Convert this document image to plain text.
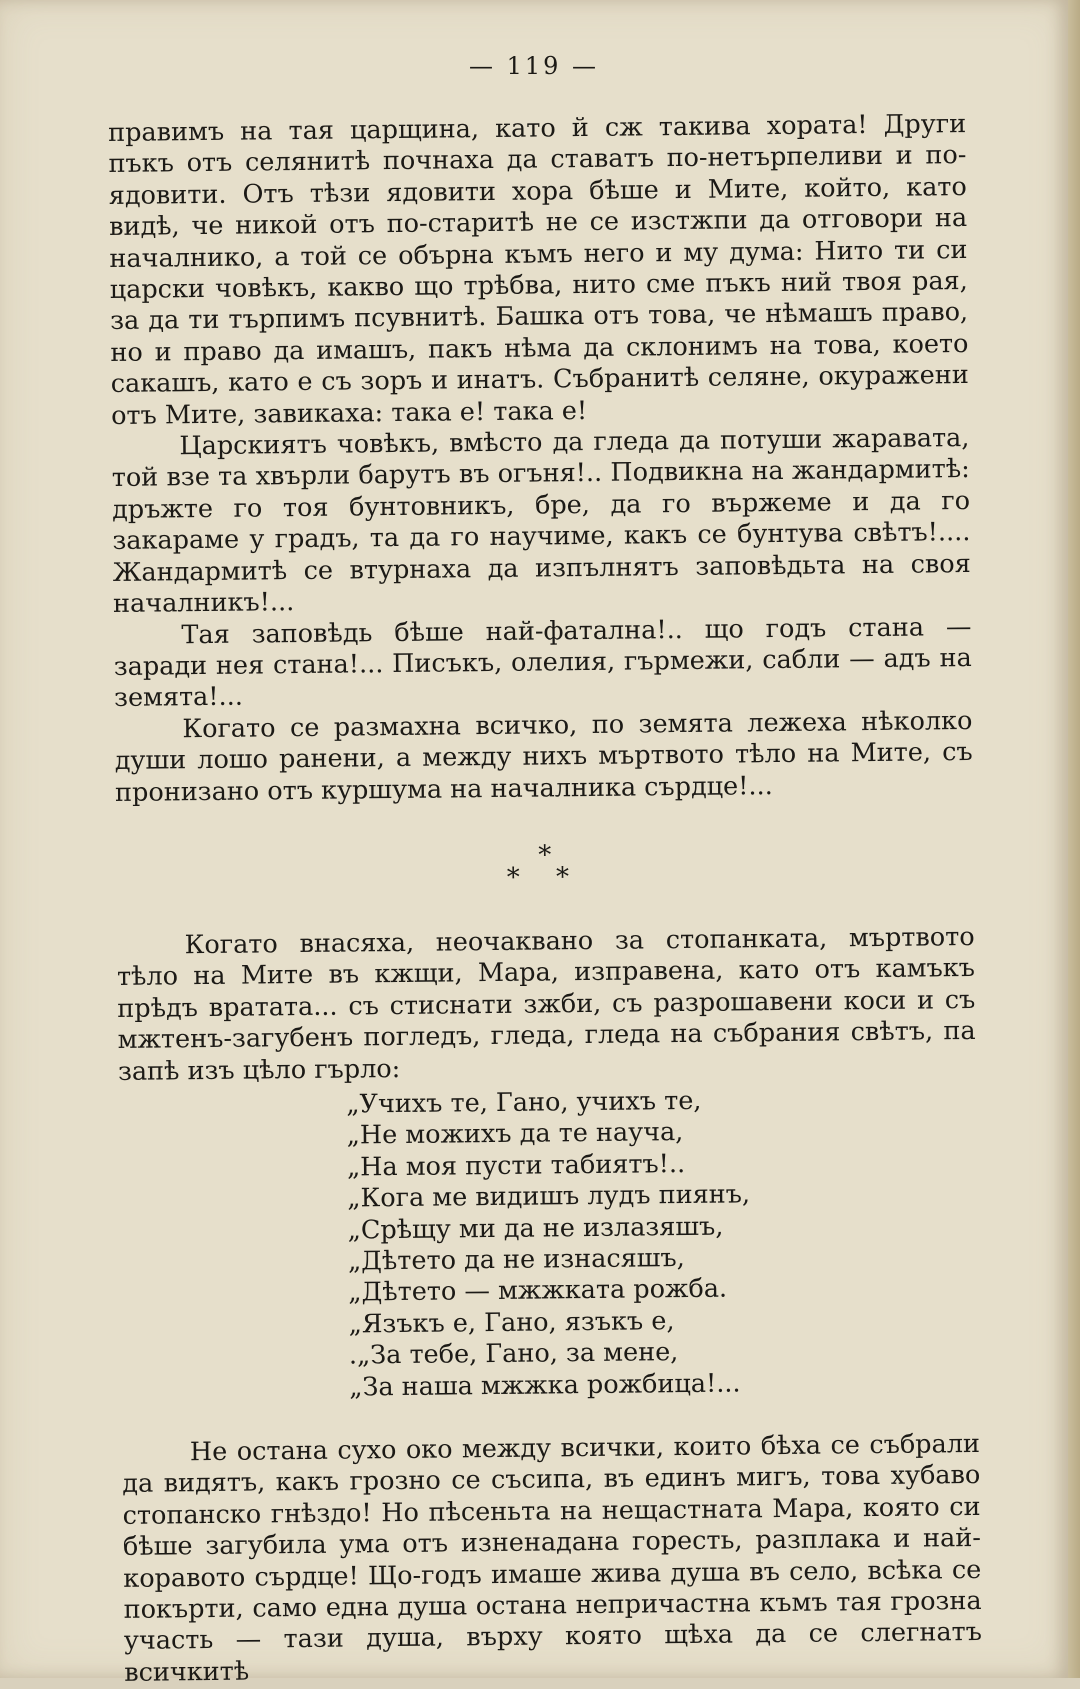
— 119 —

правимъ на тая царщина, като й сж такива хората! Други пъкъ отъ селянитѣ почнаха да ставатъ по-нетърпеливи и по-ядовити. Отъ тѣзи ядовити хора бѣше и Мите, който, като видѣ, че никой отъ по-старитѣ не се изстжпи да отговори на началнико, а той се обърна къмъ него и му дума: Нито ти си царски човѣкъ, какво що трѣбва, нито сме пъкъ ний твоя рая, за да ти търпимъ псувнитѣ. Башка отъ това, че нѣмашъ право, но и право да имашъ, пакъ нѣма да склонимъ на това, което сакашъ, като е съ зоръ и инатъ. Събранитѣ селяне, окуражени отъ Мите, завикаха: така е! така е!

Царскиятъ човѣкъ, вмѣсто да гледа да потуши жаравата, той взе та хвърли барутъ въ огъня!.. Подвикна на жандармитѣ: дръжте го тоя бунтовникъ, бре, да го вържеме и да го закараме у градъ, та да го научиме, какъ се бунтува свѣтъ!.... Жандармитѣ се втурнаха да изпълнятъ заповѣдьта на своя началникъ!...

Тая заповѣдь бѣше най-фатална!.. що годъ стана — заради нея стана!... Писъкъ, олелия, гърмежи, сабли — адъ на земята!...

Когато се размахна всичко, по земята лежеха нѣколко души лошо ранени, а между нихъ мъртвото тѣло на Мите, съ пронизано отъ куршума на началника сърдце!...

*
* *

Когато внасяха, неочаквано за стопанката, мъртвото тѣло на Мите въ кжщи, Мара, изправена, като отъ камъкъ прѣдъ вратата... съ стиснати зжби, съ разрошавени коси и съ мжтенъ-загубенъ погледъ, гледа, гледа на събрания свѣтъ, па запѣ изъ цѣло гърло:

„Учихъ те, Гано, учихъ те,
„Не можихъ да те науча,
„На моя пусти табиятъ!..
„Кога ме видишъ лудъ пиянъ,
„Срѣщу ми да не излазяшъ,
„Дѣтето да не изнасяшъ,
„Дѣтето — мжжката рожба.
„Язъкъ е, Гано, язъкъ е,
.„За тебе, Гано, за мене,
„За наша мжжка рожбица!...

Не остана сухо око между всички, които бѣха се събрали да видятъ, какъ грозно се съсипа, въ единъ мигъ, това хубаво стопанско гнѣздо! Но пѣсеньта на нещастната Мара, която си бѣше загубила ума отъ изненадана горесть, разплака и най-коравото сърдце! Що-годъ имаше жива душа въ село, всѣка се покърти, само една душа остана непричастна къмъ тая грозна участь — тази душа, върху която щѣха да се слегнатъ всичкитѣ
